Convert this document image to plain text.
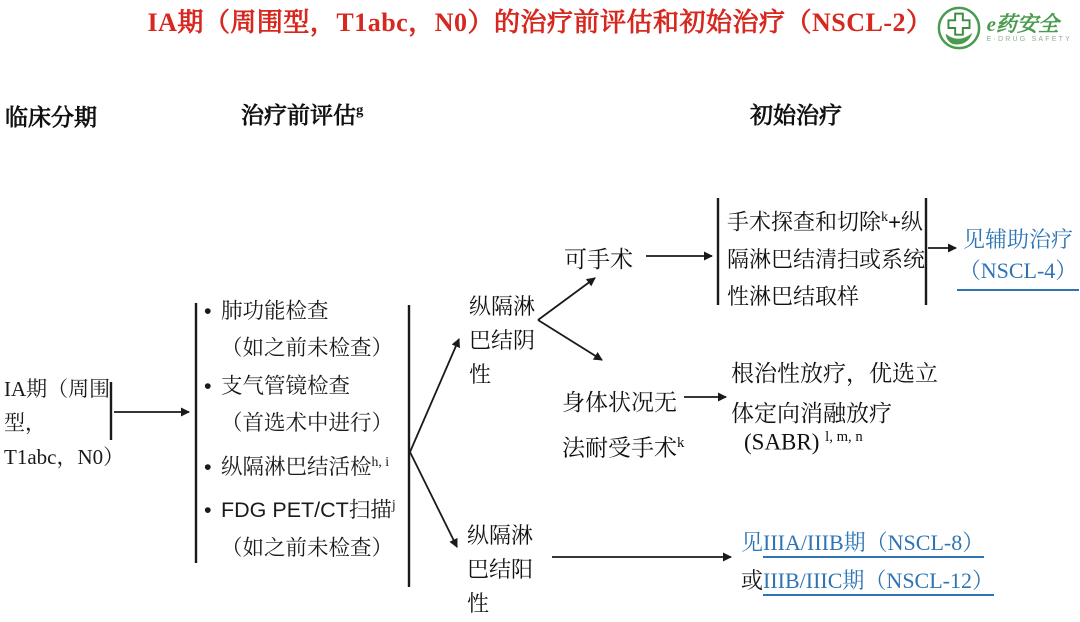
IA期（周围型，T1abc，N0）的治疗前评估和初始治疗（NSCL-2）	e药安全
E·DRUG SAFETY
临床分期	治疗前评估$^g$	初始治疗
IA期（周围型，T1abc，N0）
• 肺功能检查
（如之前未检查）
• 支气管镜检查
（首选术中进行）
• 纵隔淋巴结活检$^{h, i}$
• FDG PET/CT扫描$^j$
（如之前未检查）
纵隔淋巴结阴性
可手术
手术探查和切除$^k$+纵隔淋巴结清扫或系统性淋巴结取样
身体状况无
法耐受手术$^k$
根治性放疗，优选立体定向消融放疗
(SABR) $^{l, m, n}$
纵隔淋巴结阳性
见辅助治疗
（NSCL-4）
见IIIA/IIIB期（NSCL-8）
或IIIB/IIIC期（NSCL-12）
